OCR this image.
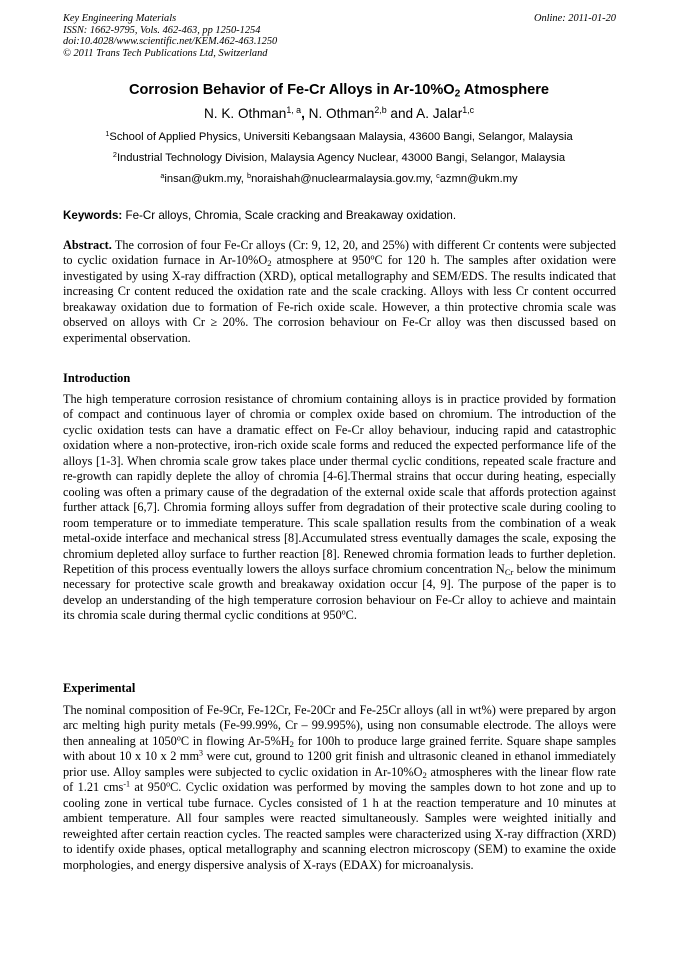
Key Engineering Materials
ISSN: 1662-9795, Vols. 462-463, pp 1250-1254
doi:10.4028/www.scientific.net/KEM.462-463.1250
© 2011 Trans Tech Publications Ltd, Switzerland
Online: 2011-01-20
Corrosion Behavior of Fe-Cr Alloys in $Ar-10\%O_2$ Atmosphere
N. K. Othman$^{1, a}$, N. Othman$^{2,b}$ and A. Jalar$^{1,c}$
$^1$School of Applied Physics, Universiti Kebangsaan Malaysia, 43600 Bangi, Selangor, Malaysia
$^2$Industrial Technology Division, Malaysia Agency Nuclear, 43000 Bangi, Selangor, Malaysia
$^a$insan@ukm.my, $^b$noraishah@nuclearmalaysia.gov.my, $^c$azmn@ukm.my
Keywords: Fe-Cr alloys, Chromia, Scale cracking and Breakaway oxidation.
Abstract. The corrosion of four Fe-Cr alloys (Cr: 9, 12, 20, and 25%) with different Cr contents were subjected to cyclic oxidation furnace in $Ar-10\%O_2$ atmosphere at 950$^o$C for 120 h. The samples after oxidation were investigated by using X-ray diffraction (XRD), optical metallography and SEM/EDS. The results indicated that increasing Cr content reduced the oxidation rate and the scale cracking. Alloys with less Cr content occurred breakaway oxidation due to formation of Fe-rich oxide scale. However, a thin protective chromia scale was observed on alloys with Cr ≥ 20%. The corrosion behaviour on Fe-Cr alloy was then discussed based on experimental observation.
Introduction
The high temperature corrosion resistance of chromium containing alloys is in practice provided by formation of compact and continuous layer of chromia or complex oxide based on chromium. The introduction of the cyclic oxidation tests can have a dramatic effect on Fe-Cr alloy behaviour, inducing rapid and catastrophic oxidation where a non-protective, iron-rich oxide scale forms and reduced the expected performance life of the alloys [1-3]. When chromia scale grow takes place under thermal cyclic conditions, repeated scale fracture and re-growth can rapidly deplete the alloy of chromia [4-6].Thermal strains that occur during heating, especially cooling was often a primary cause of the degradation of the external oxide scale that affords protection against further attack [6,7]. Chromia forming alloys suffer from degradation of their protective scale during cooling to room temperature or to immediate temperature. This scale spallation results from the combination of a weak metal-oxide interface and mechanical stress [8].Accumulated stress eventually damages the scale, exposing the chromium depleted alloy surface to further reaction [8]. Renewed chromia formation leads to further depletion. Repetition of this process eventually lowers the alloys surface chromium concentration $N_{Cr}$ below the minimum necessary for protective scale growth and breakaway oxidation occur [4, 9]. The purpose of the paper is to develop an understanding of the high temperature corrosion behaviour on Fe-Cr alloy to achieve and maintain its chromia scale during thermal cyclic conditions at 950$^o$C.
Experimental
The nominal composition of Fe-9Cr, Fe-12Cr, Fe-20Cr and Fe-25Cr alloys (all in wt%) were prepared by argon arc melting high purity metals (Fe-99.99%, Cr – 99.995%), using non consumable electrode. The alloys were then annealing at 1050$^o$C in flowing $Ar-5\%H_2$ for 100h to produce large grained ferrite. Square shape samples with about 10 x 10 x 2 $mm^3$ were cut, ground to 1200 grit finish and ultrasonic cleaned in ethanol immediately prior use. Alloy samples were subjected to cyclic oxidation in $Ar-10\%O_2$ atmospheres with the linear flow rate of 1.21 cms$^{-1}$ at 950$^o$C. Cyclic oxidation was performed by moving the samples down to hot zone and up to cooling zone in vertical tube furnace. Cycles consisted of 1 h at the reaction temperature and 10 minutes at ambient temperature. All four samples were reacted simultaneously. Samples were weighted initially and reweighted after certain reaction cycles. The reacted samples were characterized using X-ray diffraction (XRD) to identify oxide phases, optical metallography and scanning electron microscopy (SEM) to examine the oxide morphologies, and energy dispersive analysis of X-rays (EDAX) for microanalysis.
